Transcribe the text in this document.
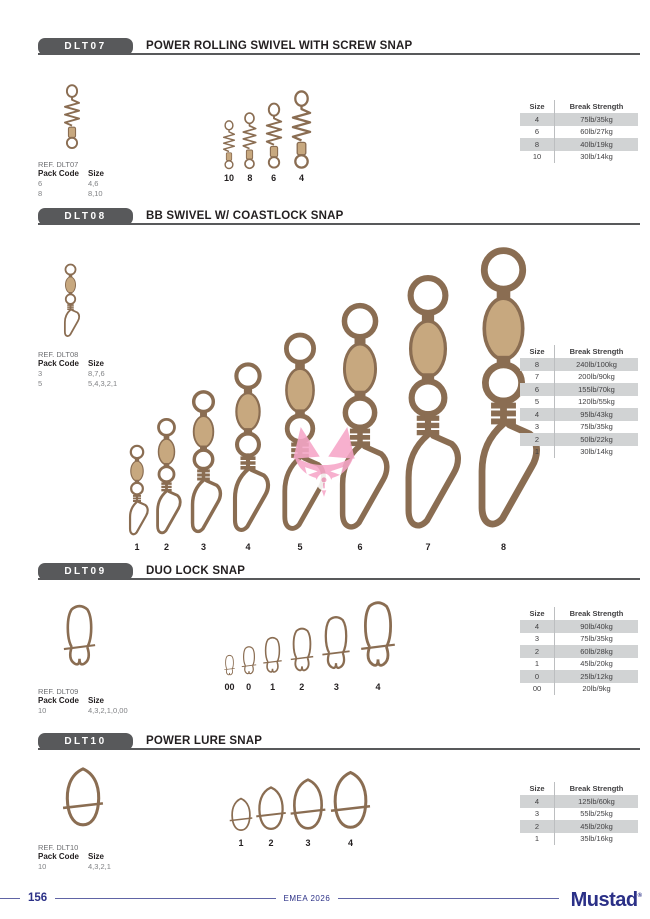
DLT07	POWER ROLLING SWIVEL WITH SCREW SNAP
REF. DLT07
Pack Code	Size
6	4,6
8	8,10
10 8 6	4
Size	Break Strength
4	75lb/35kg
6	60lb/27kg
8	40lb/19kg
10	30lb/14kg
DLT08	BB SWIVEL W/ COASTLOCK SNAP
REF. DLT08
Pack Code	Size
3	8,7,6
5	5,4,3,2,1
1	2	3	4	5	6	7	8
Size	Break Strength
8	240lb/100kg
7	200lb/90kg
6	155lb/70kg
5	120lb/55kg
4	95lb/43kg
3	75lb/35kg
2	50lb/22kg
1	30lb/14kg
DLT09	DUO LOCK SNAP
REF. DLT09
Pack Code	Size
10	4,3,2,1,0,00
00 0 1	2	3	4
Size	Break Strength
4	90lb/40kg
3	75lb/35kg
2	60lb/28kg
1	45lb/20kg
0	25lb/12kg
00	20lb/9kg
DLT10	POWER LURE SNAP
REF. DLT10
Pack Code	Size
10	4,3,2,1
1	2	3	4
Size	Break Strength
4	125lb/60kg
3	55lb/25kg
2	45lb/20kg
1	35lb/16kg
156	EMEA 2026	Mustad®
